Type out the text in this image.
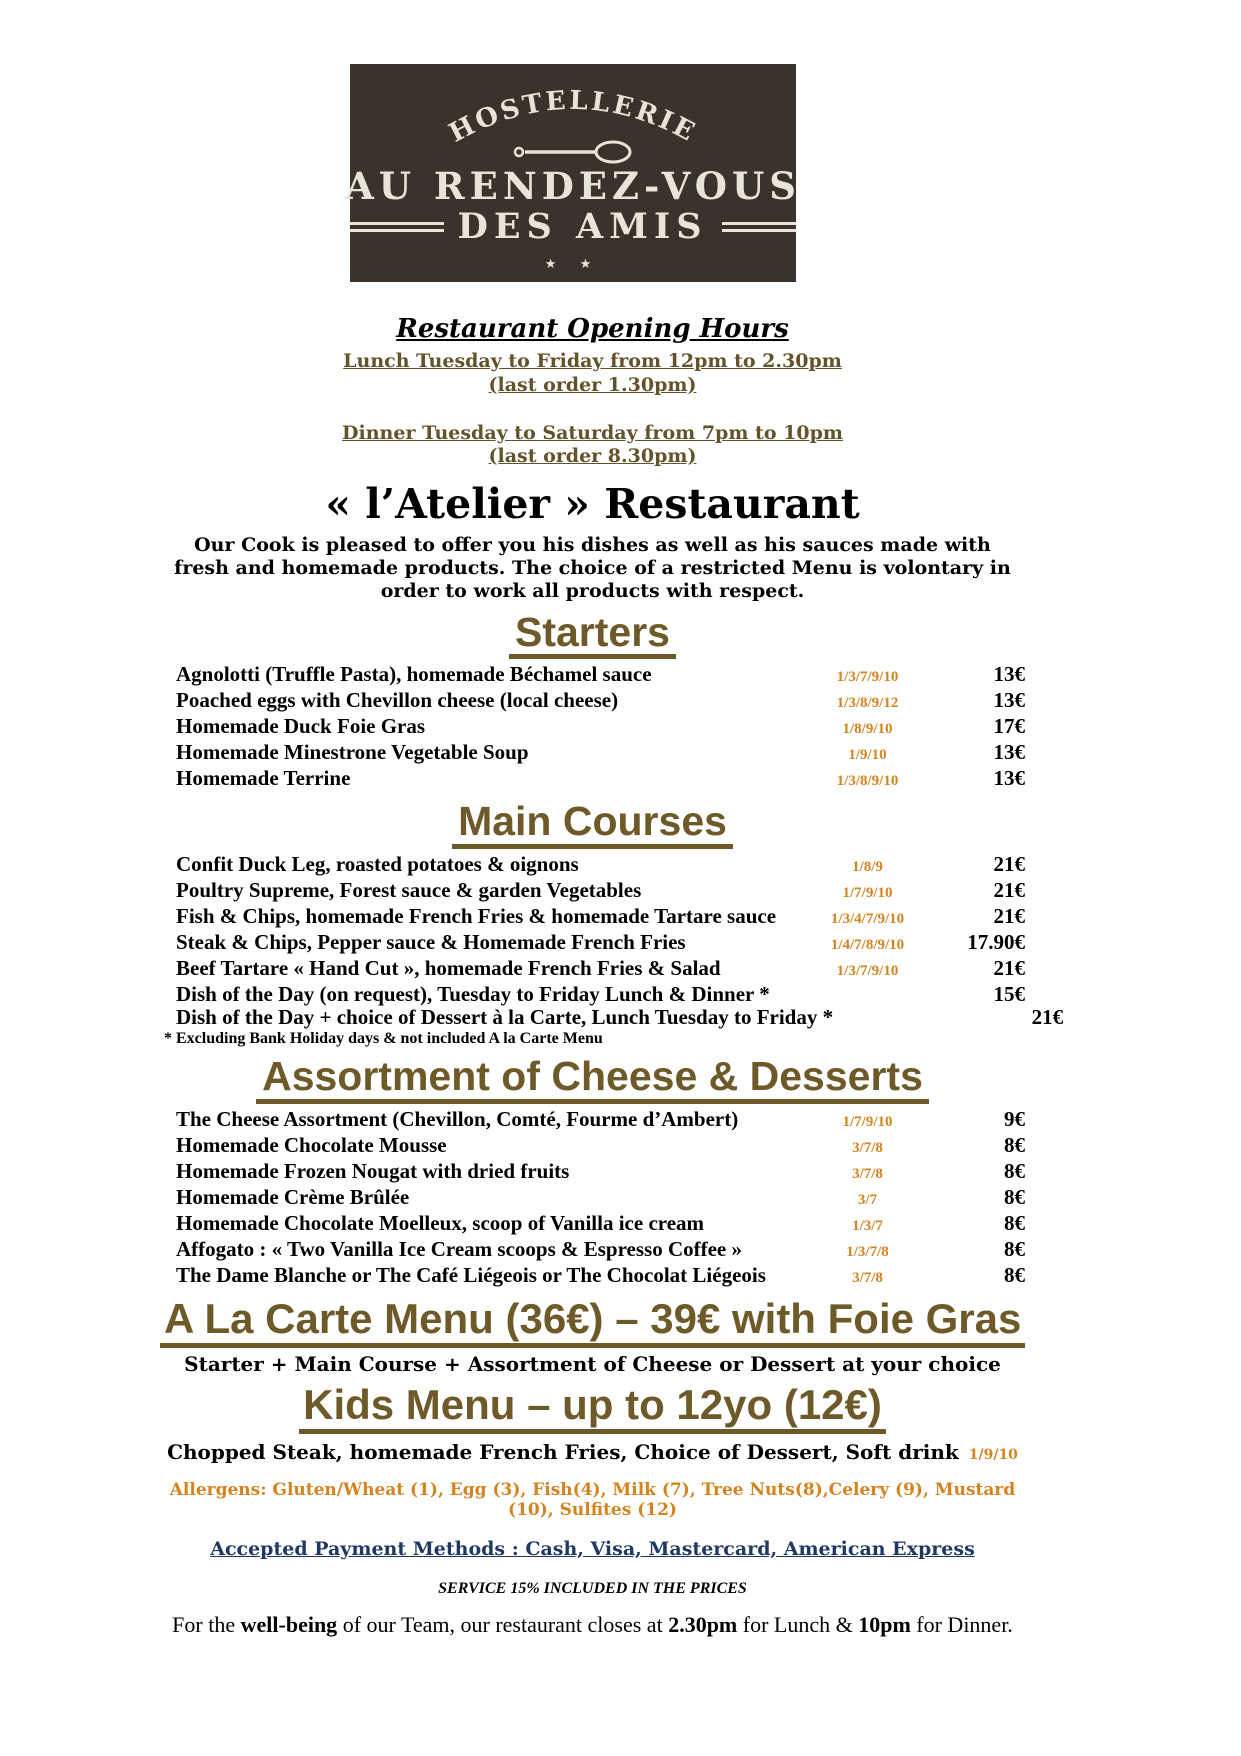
HOSTELLERIE
AU RENDEZ-VOUS
DES AMIS
★ ★
Restaurant Opening Hours
Lunch Tuesday to Friday from 12pm to 2.30pm
(last order 1.30pm)
Dinner Tuesday to Saturday from 7pm to 10pm
(last order 8.30pm)
« l’Atelier » Restaurant
Our Cook is pleased to offer you his dishes as well as his sauces made with fresh and homemade products. The choice of a restricted Menu is volontary in order to work all products with respect.
Starters
Agnolotti (Truffle Pasta), homemade Béchamel sauce	1/3/7/9/10	13€
Poached eggs with Chevillon cheese (local cheese)	1/3/8/9/12	13€
Homemade Duck Foie Gras	1/8/9/10	17€
Homemade Minestrone Vegetable Soup	1/9/10	13€
Homemade Terrine	1/3/8/9/10	13€
Main Courses
Confit Duck Leg, roasted potatoes & oignons	1/8/9	21€
Poultry Supreme, Forest sauce & garden Vegetables	1/7/9/10	21€
Fish & Chips, homemade French Fries & homemade Tartare sauce	1/3/4/7/9/10	21€
Steak & Chips, Pepper sauce & Homemade French Fries	1/4/7/8/9/10	17.90€
Beef Tartare « Hand Cut », homemade French Fries & Salad	1/3/7/9/10	21€
Dish of the Day (on request), Tuesday to Friday Lunch & Dinner *	15€
Dish of the Day + choice of Dessert à la Carte, Lunch Tuesday to Friday *	21€
* Excluding Bank Holiday days & not included A la Carte Menu
Assortment of Cheese & Desserts
The Cheese Assortment (Chevillon, Comté, Fourme d’Ambert)	1/7/9/10	9€
Homemade Chocolate Mousse	3/7/8	8€
Homemade Frozen Nougat with dried fruits	3/7/8	8€
Homemade Crème Brûlée	3/7	8€
Homemade Chocolate Moelleux, scoop of Vanilla ice cream	1/3/7	8€
Affogato : « Two Vanilla Ice Cream scoops & Espresso Coffee »	1/3/7/8	8€
The Dame Blanche or The Café Liégeois or The Chocolat Liégeois	3/7/8	8€
A La Carte Menu (36€) – 39€ with Foie Gras
Starter + Main Course + Assortment of Cheese or Dessert at your choice
Kids Menu – up to 12yo (12€)
Chopped Steak, homemade French Fries, Choice of Dessert, Soft drink 1/9/10
Allergens: Gluten/Wheat (1), Egg (3), Fish(4), Milk (7), Tree Nuts(8),Celery (9), Mustard (10), Sulfites (12)
Accepted Payment Methods : Cash, Visa, Mastercard, American Express
SERVICE 15% INCLUDED IN THE PRICES
For the well-being of our Team, our restaurant closes at 2.30pm for Lunch & 10pm for Dinner.
